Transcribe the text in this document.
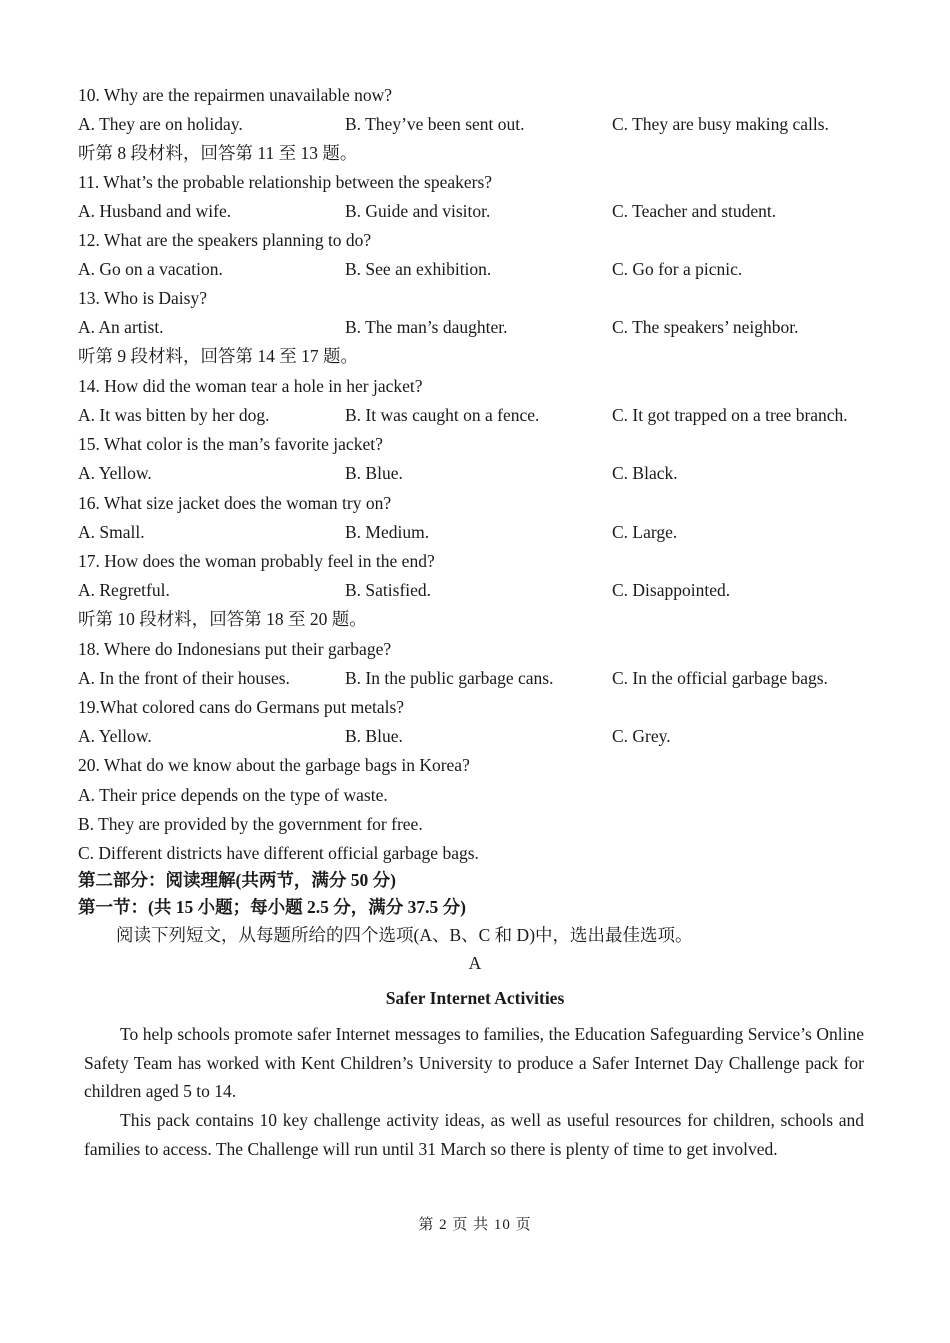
10. Why are the repairmen unavailable now?
A. They are on holiday.	B. They’ve been sent out.	C. They are busy making calls.
听第 8 段材料，回答第 11 至 13 题。
11. What’s the probable relationship between the speakers?
A. Husband and wife.	B. Guide and visitor.	C. Teacher and student.
12. What are the speakers planning to do?
A. Go on a vacation.	B. See an exhibition.	C. Go for a picnic.
13. Who is Daisy?
A. An artist.	B. The man’s daughter.	C. The speakers’ neighbor.
听第 9 段材料，回答第 14 至 17 题。
14. How did the woman tear a hole in her jacket?
A. It was bitten by her dog.	B. It was caught on a fence.	C. It got trapped on a tree branch.
15. What color is the man’s favorite jacket?
A. Yellow.	B. Blue.	C. Black.
16. What size jacket does the woman try on?
A. Small.	B. Medium.	C. Large.
17. How does the woman probably feel in the end?
A. Regretful.	B. Satisfied.	C. Disappointed.
听第 10 段材料，回答第 18 至 20 题。
18. Where do Indonesians put their garbage?
A. In the front of their houses.	B. In the public garbage cans.	C. In the official garbage bags.
19.What colored cans do Germans put metals?
A. Yellow.	B. Blue.	C. Grey.
20. What do we know about the garbage bags in Korea?
A. Their price depends on the type of waste.
B. They are provided by the government for free.
C. Different districts have different official garbage bags.
第二部分：阅读理解(共两节，满分 50 分)
第一节：(共 15 小题；每小题 2.5 分，满分 37.5 分)
阅读下列短文，从每题所给的四个选项(A、B、C 和 D)中，选出最佳选项。
A
Safer Internet Activities
To help schools promote safer Internet messages to families, the Education Safeguarding Service’s Online Safety Team has worked with Kent Children’s University to produce a Safer Internet Day Challenge pack for children aged 5 to 14.
This pack contains 10 key challenge activity ideas, as well as useful resources for children, schools and families to access. The Challenge will run until 31 March so there is plenty of time to get involved.
第 2 页 共 10 页
